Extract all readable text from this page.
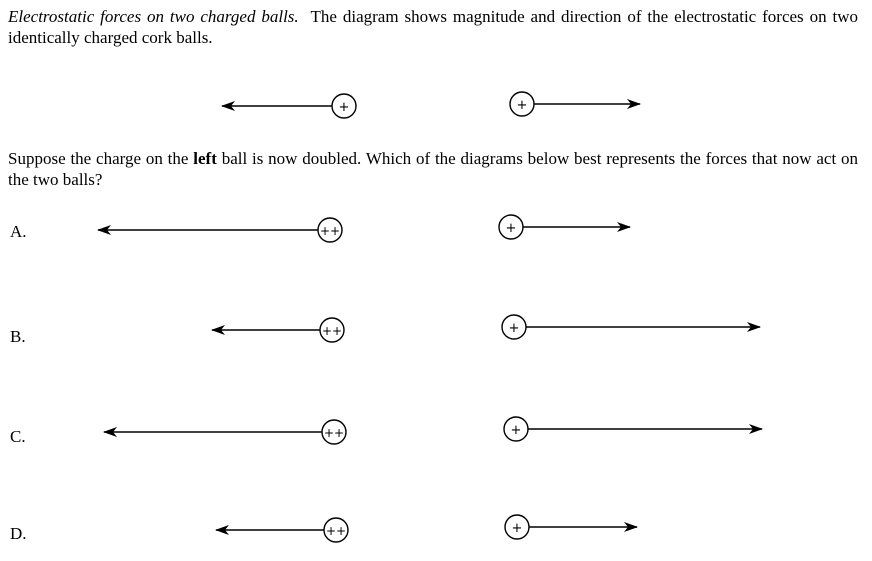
Electrostatic forces on two charged balls. The diagram shows magnitude and direction of the electrostatic forces on two identically charged cork balls.
Suppose the charge on the left ball is now doubled. Which of the diagrams below best represents the forces that now act on the two balls?
A.
B.
C.
D.
+	+
++	+
++	+
++	+
++	+
